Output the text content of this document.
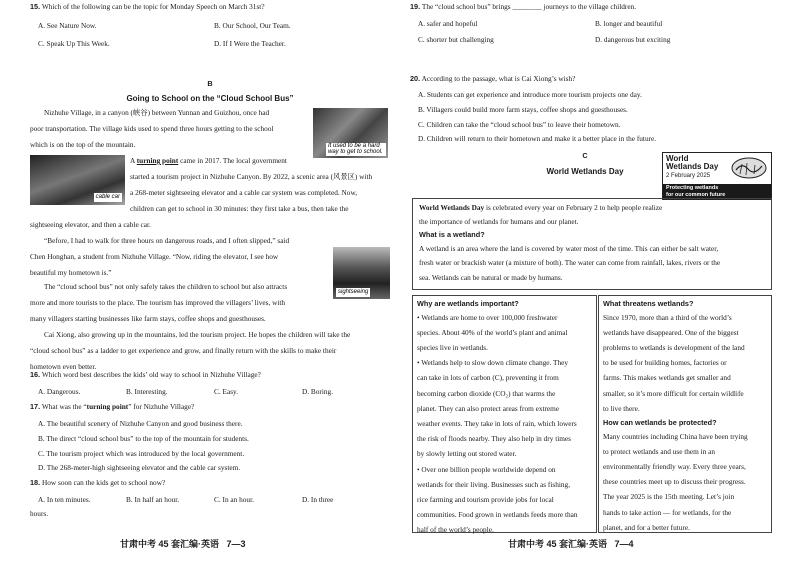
15. Which of the following can be the topic for Monday Speech on March 31st?

A. See Nature Now.	B. Our School, Our Team.
C. Speak Up This Week.	D. If I Were the Teacher.
B
Going to School on the “Cloud School Bus”
Nizhuhe Village, in a canyon (峡谷) between Yunnan and Guizhou, once had
poor transportation. The village kids used to spend three hours getting to the school
which is on the top of the mountain.
A turning point came in 2017. The local government
started a tourism project in Nizhuhe Canyon. By 2022, a scenic area (风景区) with
a 268-meter sightseeing elevator and a cable car system was completed. Now,
children can get to school in 30 minutes: they first take a bus, then take the
sightseeing elevator, and then a cable car.
“Before, I had to walk for three hours on dangerous roads, and I often slipped,” said
Chen Honghan, a student from Nizhuhe Village. “Now, riding the elevator, I see how
beautiful my hometown is.”
The “cloud school bus” not only safely takes the children to school but also attracts
more and more tourists to the place. The tourism has improved the villagers’ lives, with
many villagers starting businesses like farm stays, coffee shops and guesthouses.
Cai Xiong, also growing up in the mountains, led the tourism project. He hopes the children will take the
“cloud school bus” as a ladder to get experience and grow, and finally return with the skills to make their
hometown even better.
It used to be a hard way to get to school.
cable car
sightseeing

16. Which word best describes the kids’ old way to school in Nizhuhe Village?

A. Dangerous.	B. Interesting.	C. Easy.	D. Boring.

17. What was the “turning point” for Nizhuhe Village?

A. The beautiful scenery of Nizhuhe Canyon and good business there.
B. The direct “cloud school bus” to the top of the mountain for students.
C. The tourism project which was introduced by the local government.
D. The 268-meter-high sightseeing elevator and the cable car system.

18. How soon can the kids get to school now?

A. In ten minutes.	B. In half an hour.	C. In an hour.	D. In three
hours.
甘肃中考 45 套汇编·英语 7—3

19. The “cloud school bus” brings ________ journeys to the village children.

A. safer and hopeful	B. longer and beautiful
C. shorter but challenging	D. dangerous but exciting

20. According to the passage, what is Cai Xiong’s wish?

A. Students can get experience and introduce more tourism projects one day.
B. Villagers could build more farm stays, coffee shops and guesthouses.
C. Children can take the “cloud school bus” to leave their hometown.
D. Children will return to their hometown and make it a better place in the future.
C
World Wetlands Day
World
Wetlands Day
2 February 2025
Protecting wetlands
for our common future

World Wetlands Day is celebrated every year on February 2 to help people realize

the importance of wetlands for humans and our planet.

What is a wetland?

A wetland is an area where the land is covered by water most of the time. This can either be salt water,

fresh water or brackish water (a mixture of both). The water can come from rainfall, lakes, rivers or the

sea. Wetlands can be natural or made by humans.

Why are wetlands important?

• Wetlands are home to over 100,000 freshwater
species. About 40% of the world’s plant and animal
species live in wetlands.
• Wetlands help to slow down climate change. They
can take in lots of carbon (C), preventing it from
becoming carbon dioxide (CO₂) that warms the
planet. They can also protect areas from extreme
weather events. They take in lots of rain, which lowers
the risk of floods nearby. They also help in dry times
by slowly letting out stored water.
• Over one billion people worldwide depend on
wetlands for their living. Businesses such as fishing,
rice farming and tourism provide jobs for local
communities. Food grown in wetlands feeds more than
half of the world’s people.

What threatens wetlands?

Since 1970, more than a third of the world’s
wetlands have disappeared. One of the biggest
problems to wetlands is development of the land
to be used for building homes, factories or
farms. This makes wetlands get smaller and
smaller, so it’s more difficult for certain wildlife
to live there.

How can wetlands be protected?

Many countries including China have been trying
to protect wetlands and use them in an
environmentally friendly way. Every three years,
these countries meet up to discuss their progress.
The year 2025 is the 15th meeting. Let’s join
hands to take action — for wetlands, for the
planet, and for a better future.
甘肃中考 45 套汇编·英语 7—4
